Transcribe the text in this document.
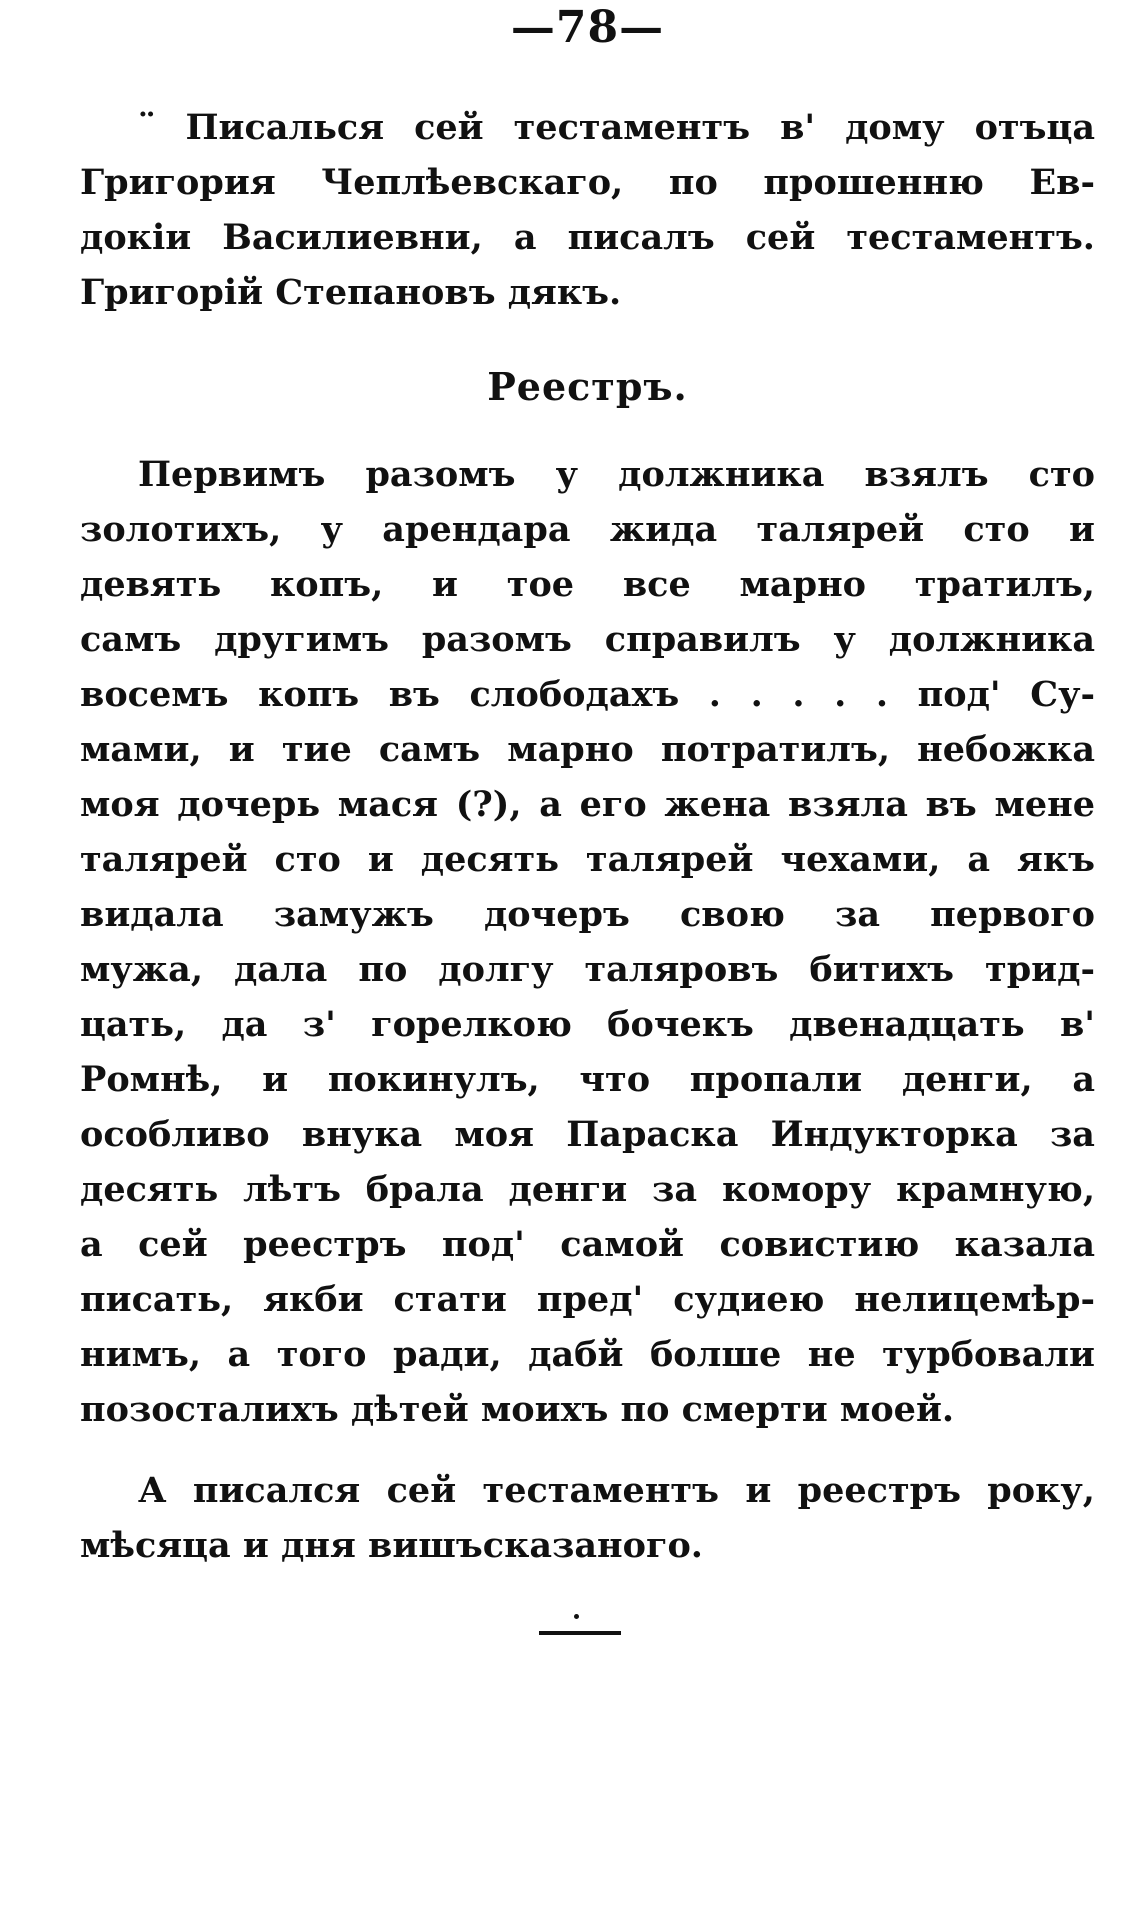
—78—

¨ Писалься сей тестаментъ в' дому отъца
Григория Чеплѣевскаго, по прошенню Ев-
докіи Василиевни, а писалъ сей тестаментъ.
Григорій Степановъ дякъ.

Реестръ.

Первимъ разомъ у должника взялъ сто
золотихъ, у арендара жида талярей сто и
девять копъ, и тое все марно тратилъ,
самъ другимъ разомъ справилъ у должника
восемъ копъ въ слободахъ . . . . . под' Су-
мами, и тие самъ марно потратилъ, небожка
моя дочерь мася (?), а его жена взяла въ мене
талярей сто и десять талярей чехами, а якъ
видала замужъ дочеръ свою за первого
мужа, дала по долгу таляровъ битихъ трид-
цать, да з' горелкою бочекъ двенадцать в'
Ромнѣ, и покинулъ, что пропали денги, а
особливо внука моя Параска Индукторка за
десять лѣтъ брала денги за комору крамную,
а сей реестръ под' самой совистию казала
писать, якби стати пред' судиею нелицемѣр-
нимъ, а того ради, дабй болше не турбовали
позосталихъ дѣтей моихъ по смерти моей.

А писался сей тестаментъ и реестръ року,
мѣсяца и дня вишъсказаного.
